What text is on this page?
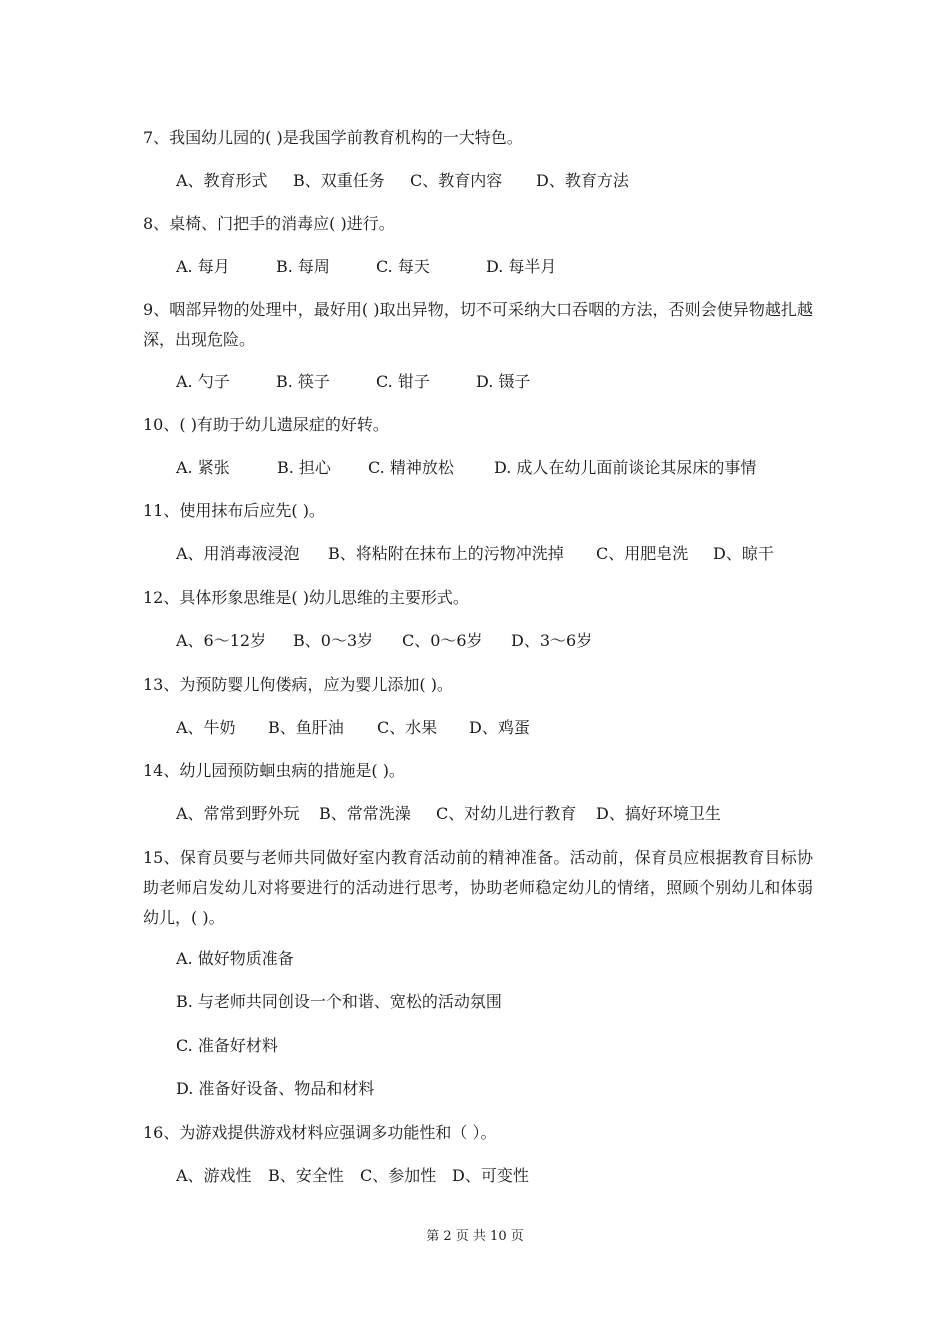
7、我国幼儿园的( )是我国学前教育机构的一大特色。
A、教育形式 B、双重任务 C、教育内容 D、教育方法
8、桌椅、门把手的消毒应( )进行。
A. 每月	B. 每周	C. 每天	D. 每半月
9、咽部异物的处理中，最好用( )取出异物，切不可采纳大口吞咽的方法，否则会使异物越扎越深，出现危险。
A. 勺子	B. 筷子	C. 钳子	D. 镊子
10、( )有助于幼儿遗尿症的好转。
A. 紧张	B. 担心 C. 精神放松	D. 成人在幼儿面前谈论其尿床的事情
11、使用抹布后应先( )。
A、用消毒液浸泡 B、将粘附在抹布上的污物冲洗掉 C、用肥皂洗 D、晾干
12、具体形象思维是( )幼儿思维的主要形式。
A、6～12岁 B、0～3岁 C、0～6岁 D、3～6岁
13、为预防婴儿佝偻病，应为婴儿添加( )。
A、牛奶 B、鱼肝油 C、水果 D、鸡蛋
14、幼儿园预防蛔虫病的措施是( )。
A、常常到野外玩 B、常常洗澡 C、对幼儿进行教育 D、搞好环境卫生
15、保育员要与老师共同做好室内教育活动前的精神准备。活动前，保育员应根据教育目标协助老师启发幼儿对将要进行的活动进行思考，协助老师稳定幼儿的情绪，照顾个别幼儿和体弱幼儿，( )。
A. 做好物质准备
B. 与老师共同创设一个和谐、宽松的活动氛围
C. 准备好材料
D. 准备好设备、物品和材料
16、为游戏提供游戏材料应强调多功能性和（ ）。
A、游戏性 B、安全性 C、参加性 D、可变性
第 2 页 共 10 页
